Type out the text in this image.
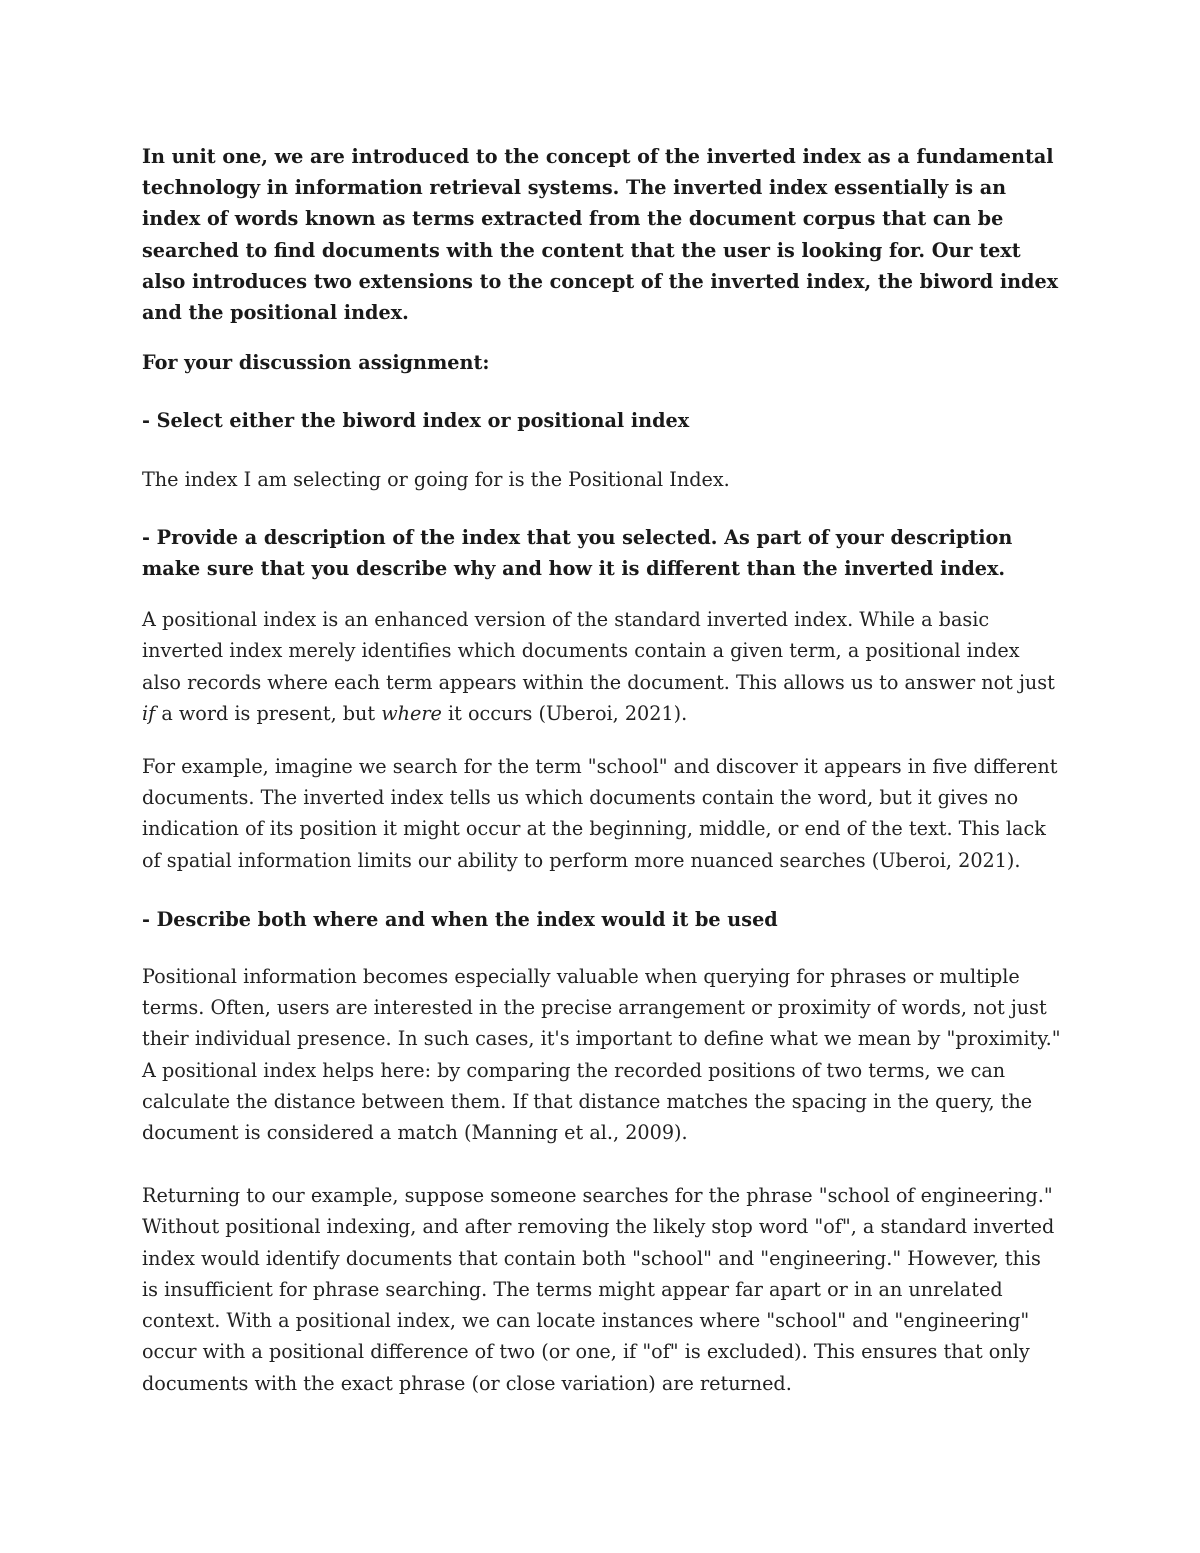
In unit one, we are introduced to the concept of the inverted index as a fundamental technology in information retrieval systems. The inverted index essentially is an index of words known as terms extracted from the document corpus that can be searched to find documents with the content that the user is looking for. Our text also introduces two extensions to the concept of the inverted index, the biword index and the positional index.

For your discussion assignment:

- Select either the biword index or positional index

The index I am selecting or going for is the Positional Index.

- Provide a description of the index that you selected. As part of your description make sure that you describe why and how it is different than the inverted index.

A positional index is an enhanced version of the standard inverted index. While a basic inverted index merely identifies which documents contain a given term, a positional index also records where each term appears within the document. This allows us to answer not just if a word is present, but where it occurs (Uberoi, 2021).

For example, imagine we search for the term "school" and discover it appears in five different documents. The inverted index tells us which documents contain the word, but it gives no indication of its position it might occur at the beginning, middle, or end of the text. This lack of spatial information limits our ability to perform more nuanced searches (Uberoi, 2021).

- Describe both where and when the index would it be used

Positional information becomes especially valuable when querying for phrases or multiple terms. Often, users are interested in the precise arrangement or proximity of words, not just their individual presence. In such cases, it's important to define what we mean by "proximity." A positional index helps here: by comparing the recorded positions of two terms, we can calculate the distance between them. If that distance matches the spacing in the query, the document is considered a match (Manning et al., 2009).

Returning to our example, suppose someone searches for the phrase "school of engineering." Without positional indexing, and after removing the likely stop word "of", a standard inverted index would identify documents that contain both "school" and "engineering." However, this is insufficient for phrase searching. The terms might appear far apart or in an unrelated context. With a positional index, we can locate instances where "school" and "engineering" occur with a positional difference of two (or one, if "of" is excluded). This ensures that only documents with the exact phrase (or close variation) are returned.
